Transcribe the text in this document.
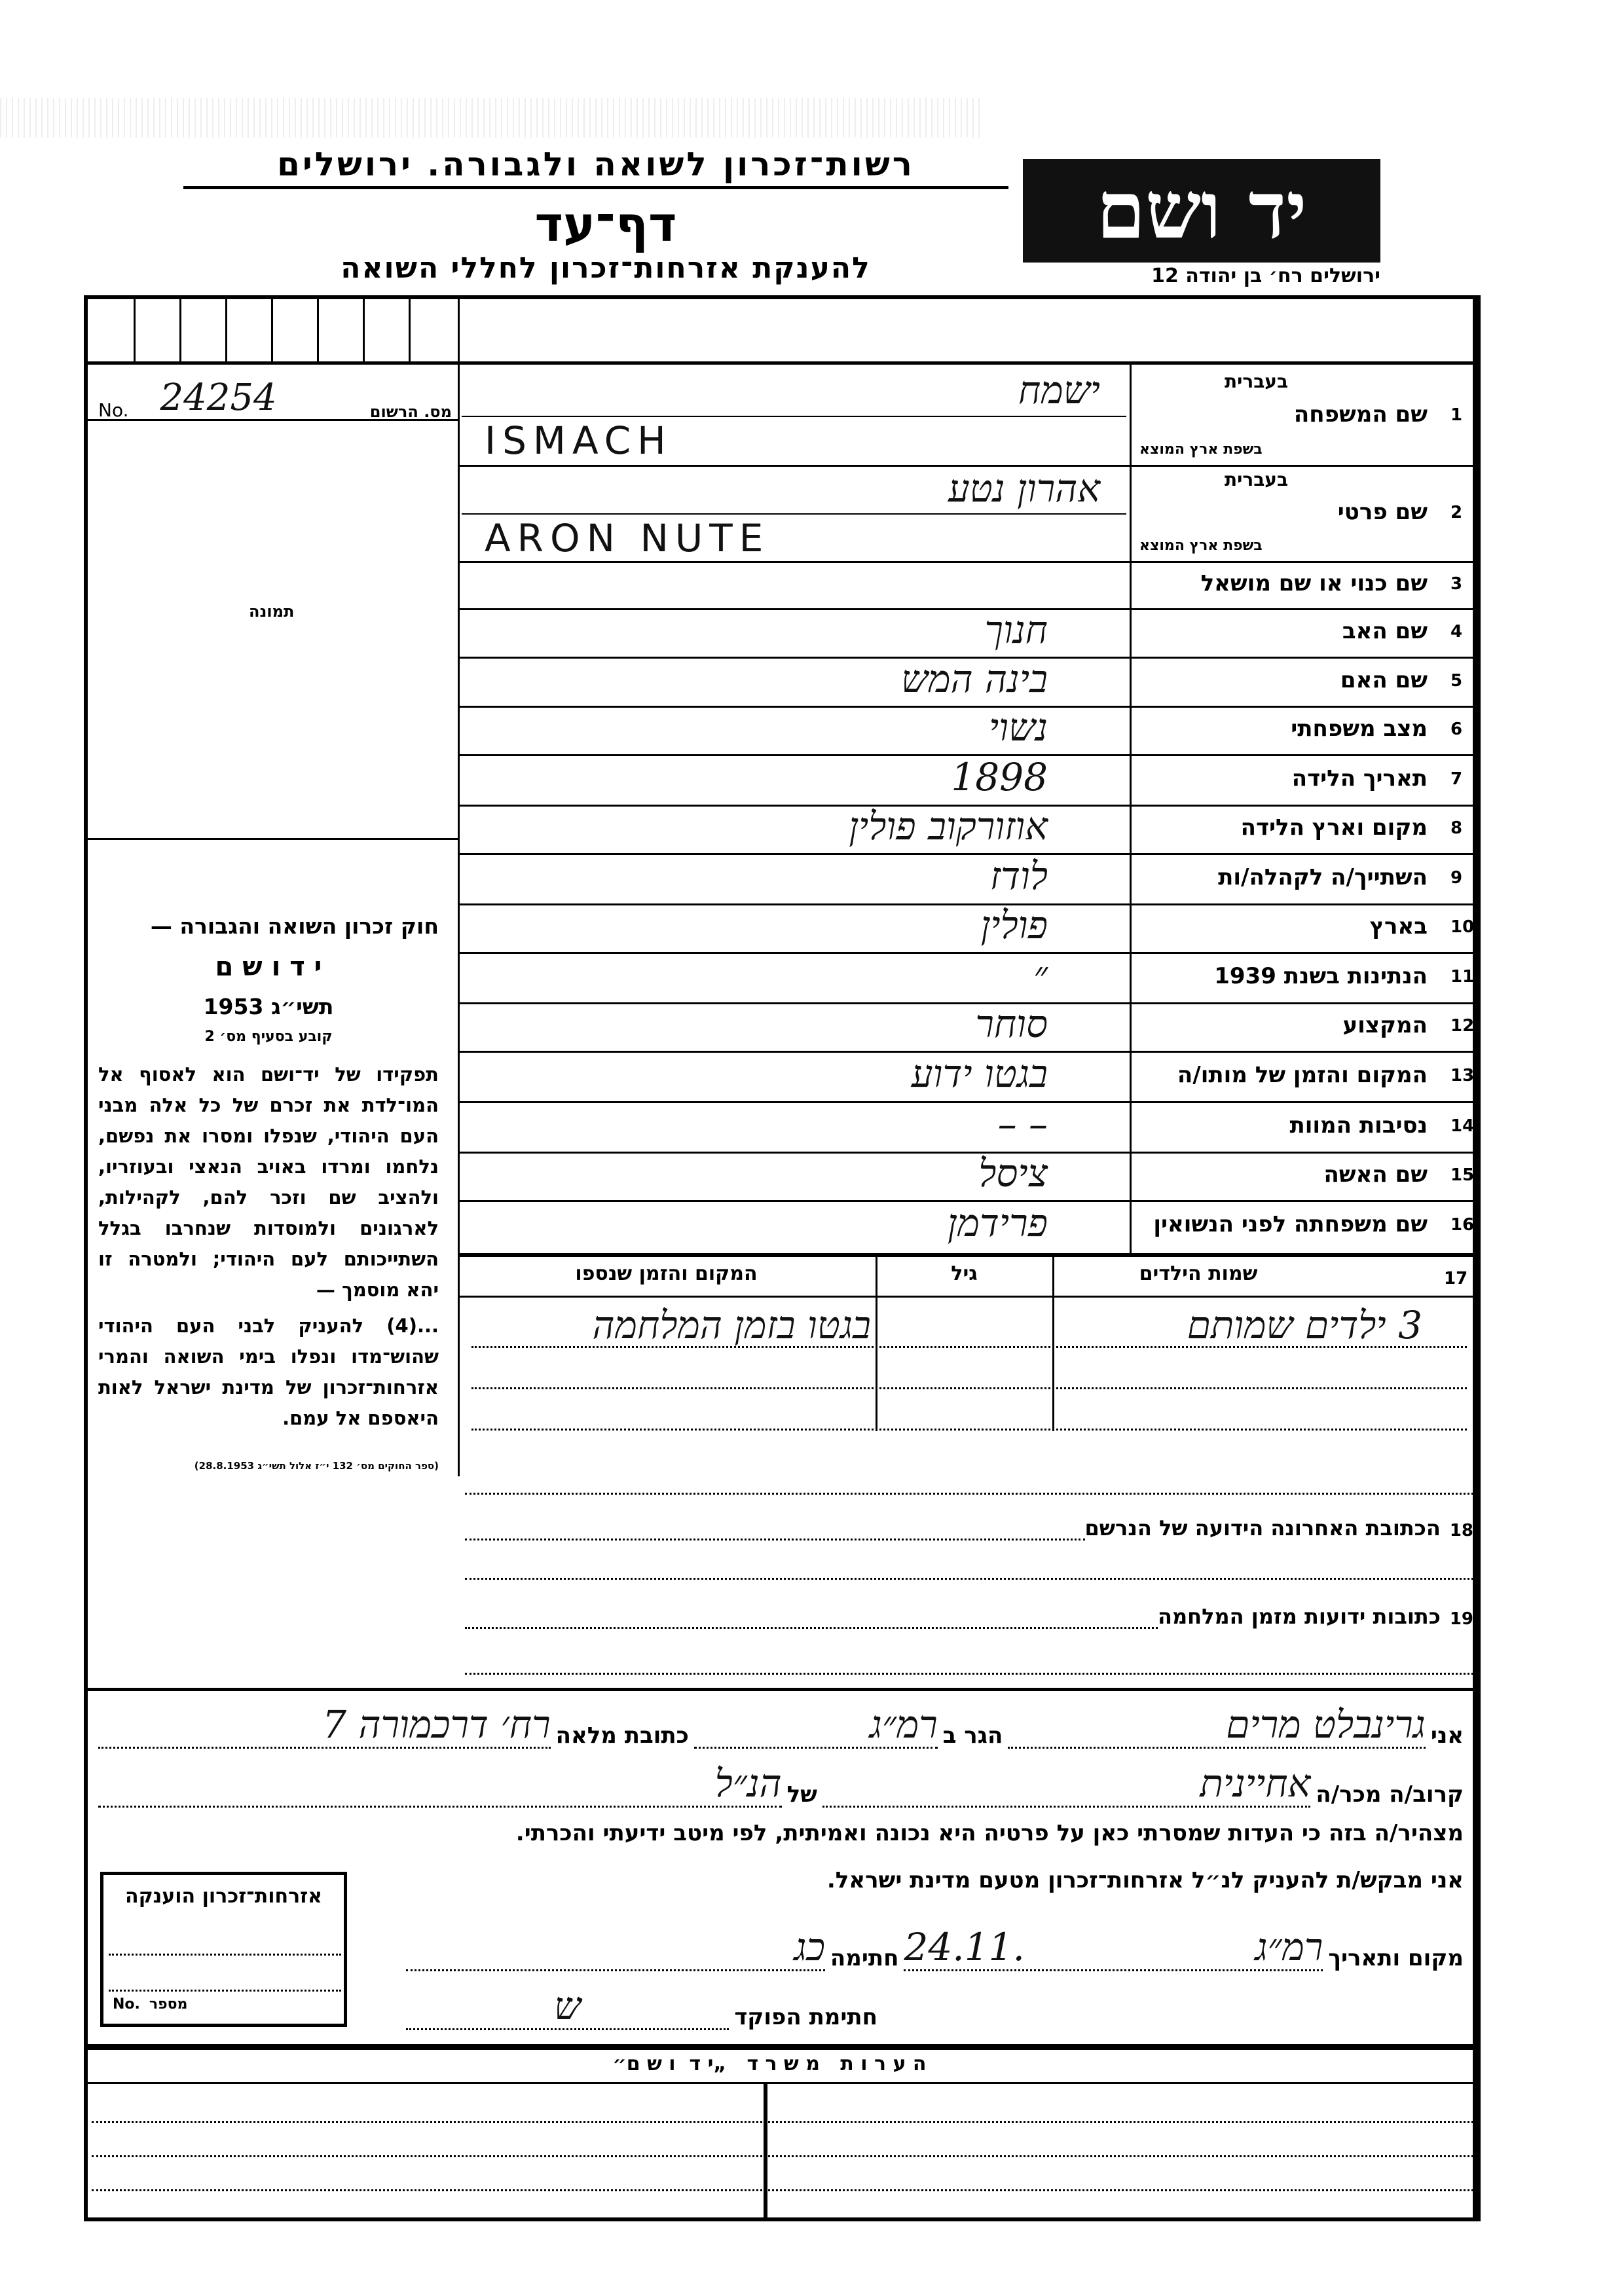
רשות־זכרון לשואה ולגבורה. ירושלים
דף־עד
להענקת אזרחות־זכרון לחללי השואה
יד ושם
ירושלים רח׳ בן יהודה 12
No. 24254	מס. הרשום
תמונה
חוק זכרון השואה והגבורה —
י ד ו ש ם
תשי״ג 1953
קובע בסעיף מס׳ 2
תפקידו של יד־ושם הוא לאסוף אל המו־לדת את זכרם של כל אלה מבני העם היהודי, שנפלו ומסרו את נפשם, נלחמו ומרדו באויב הנאצי ובעוזריו, ולהציב שם וזכר להם, לקהילות, לארגונים ולמוסדות שנחרבו בגלל השתייכותם לעם היהודי; ולמטרה זו יהא מוסמך —
...(4) להעניק לבני העם היהודי שהוש־מדו ונפלו בימי השואה והמרי אזרחות־זכרון של מדינת ישראל לאות היאספם אל עמם.
(ספר החוקים מס׳ 132 י״ז אלול תשי״ג 28.8.1953)
17
שמות הילדים
גיל
המקום והזמן שנספו
3 ילדים שמותם
בגטו בזמן המלחמה
18
הכתובת האחרונה הידועה של הנרשם
19
כתובות ידועות מזמן המלחמה
אני
גרינבלט מרים
הגר ב
רמ״ג
כתובת מלאה
רח׳ דרכמורה 7
קרוב/ה מכר/ה
אחיינית
של
הנ״ל
מצהיר/ה בזה כי העדות שמסרתי כאן על פרטיה היא נכונה ואמיתית, לפי מיטב ידיעתי והכרתי.
אני מבקש/ת להעניק לנ״ל אזרחות־זכרון מטעם מדינת ישראל.
מקום ותאריך
רמ״ג
24.11.
חתימה
כג
חתימת הפוקד
ש
אזרחות־זכרון הוענקה
No. מספר
ה ע ר ו ת   מ ש ר ד   „י ד  ו ש ם״
1
שם המשפחה
בעברית
בשפת ארץ המוצא
ישמח
ISMACH
2
שם פרטי
בעברית
בשפת ארץ המוצא
אהרון נטע
ARON NUTE
3
שם כנוי או שם מושאל
4
שם האב
חנוך
5
שם האם
בינה המש
6
מצב משפחתי
נשוי
7
תאריך הלידה
1898
8
מקום וארץ הלידה
אוזורקוב פולין
9
השתייך/ה לקהלה/ות
לודז
10
בארץ
פולין
11
הנתינות בשנת 1939
״
12
המקצוע
סוחר
13
המקום והזמן של מותו/ה
בגטו ידוע
14
נסיבות המוות
– –
15
שם האשה
ציסל
16
שם משפחתה לפני הנשואין
פרידמן
